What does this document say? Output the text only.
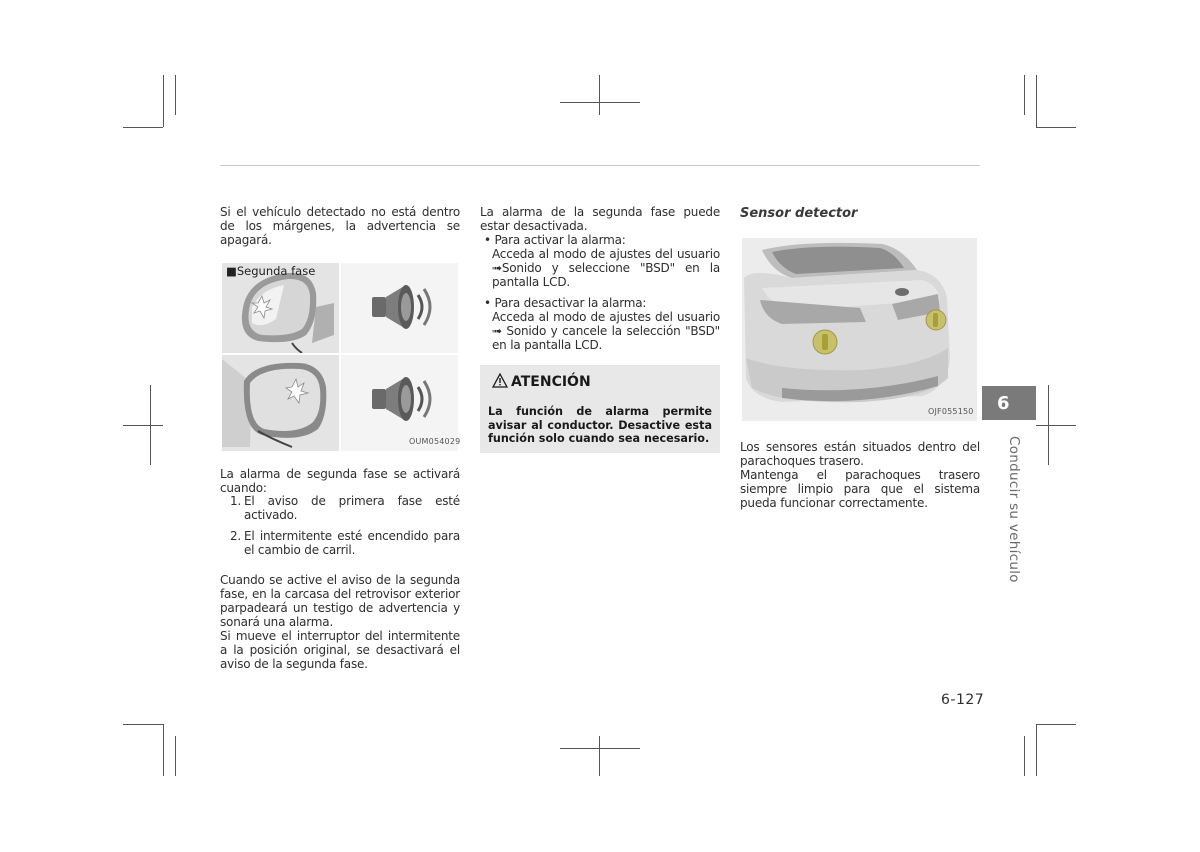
Si el vehículo detectado no está dentro de los márgenes, la advertencia se apagará.

■Segunda fase
OUM054029

La alarma de segunda fase se activará cuando:

1. El aviso de primera fase esté activado.

2. El intermitente esté encendido para el cambio de carril.

Cuando se active el aviso de la segunda fase, en la carcasa del retrovisor exterior parpadeará un testigo de advertencia y sonará una alarma.

Si mueve el interruptor del intermitente a la posición original, se desactivará el aviso de la segunda fase.

La alarma de la segunda fase puede estar desactivada.

• Para activar la alarma:

Acceda al modo de ajustes del usuario ➟Sonido y seleccione "BSD" en la pantalla LCD.

• Para desactivar la alarma:

Acceda al modo de ajustes del usuario ➟ Sonido y cancele la selección "BSD" en la pantalla LCD.

ATENCIÓN
La función de alarma permite avisar al conductor. Desactive esta función solo cuando sea necesario.
Sensor detector
OJF055150

Los sensores están situados dentro del parachoques trasero.

Mantenga el parachoques trasero siempre limpio para que el sistema pueda funcionar correctamente.

6
Conducir su vehículo
6-127
